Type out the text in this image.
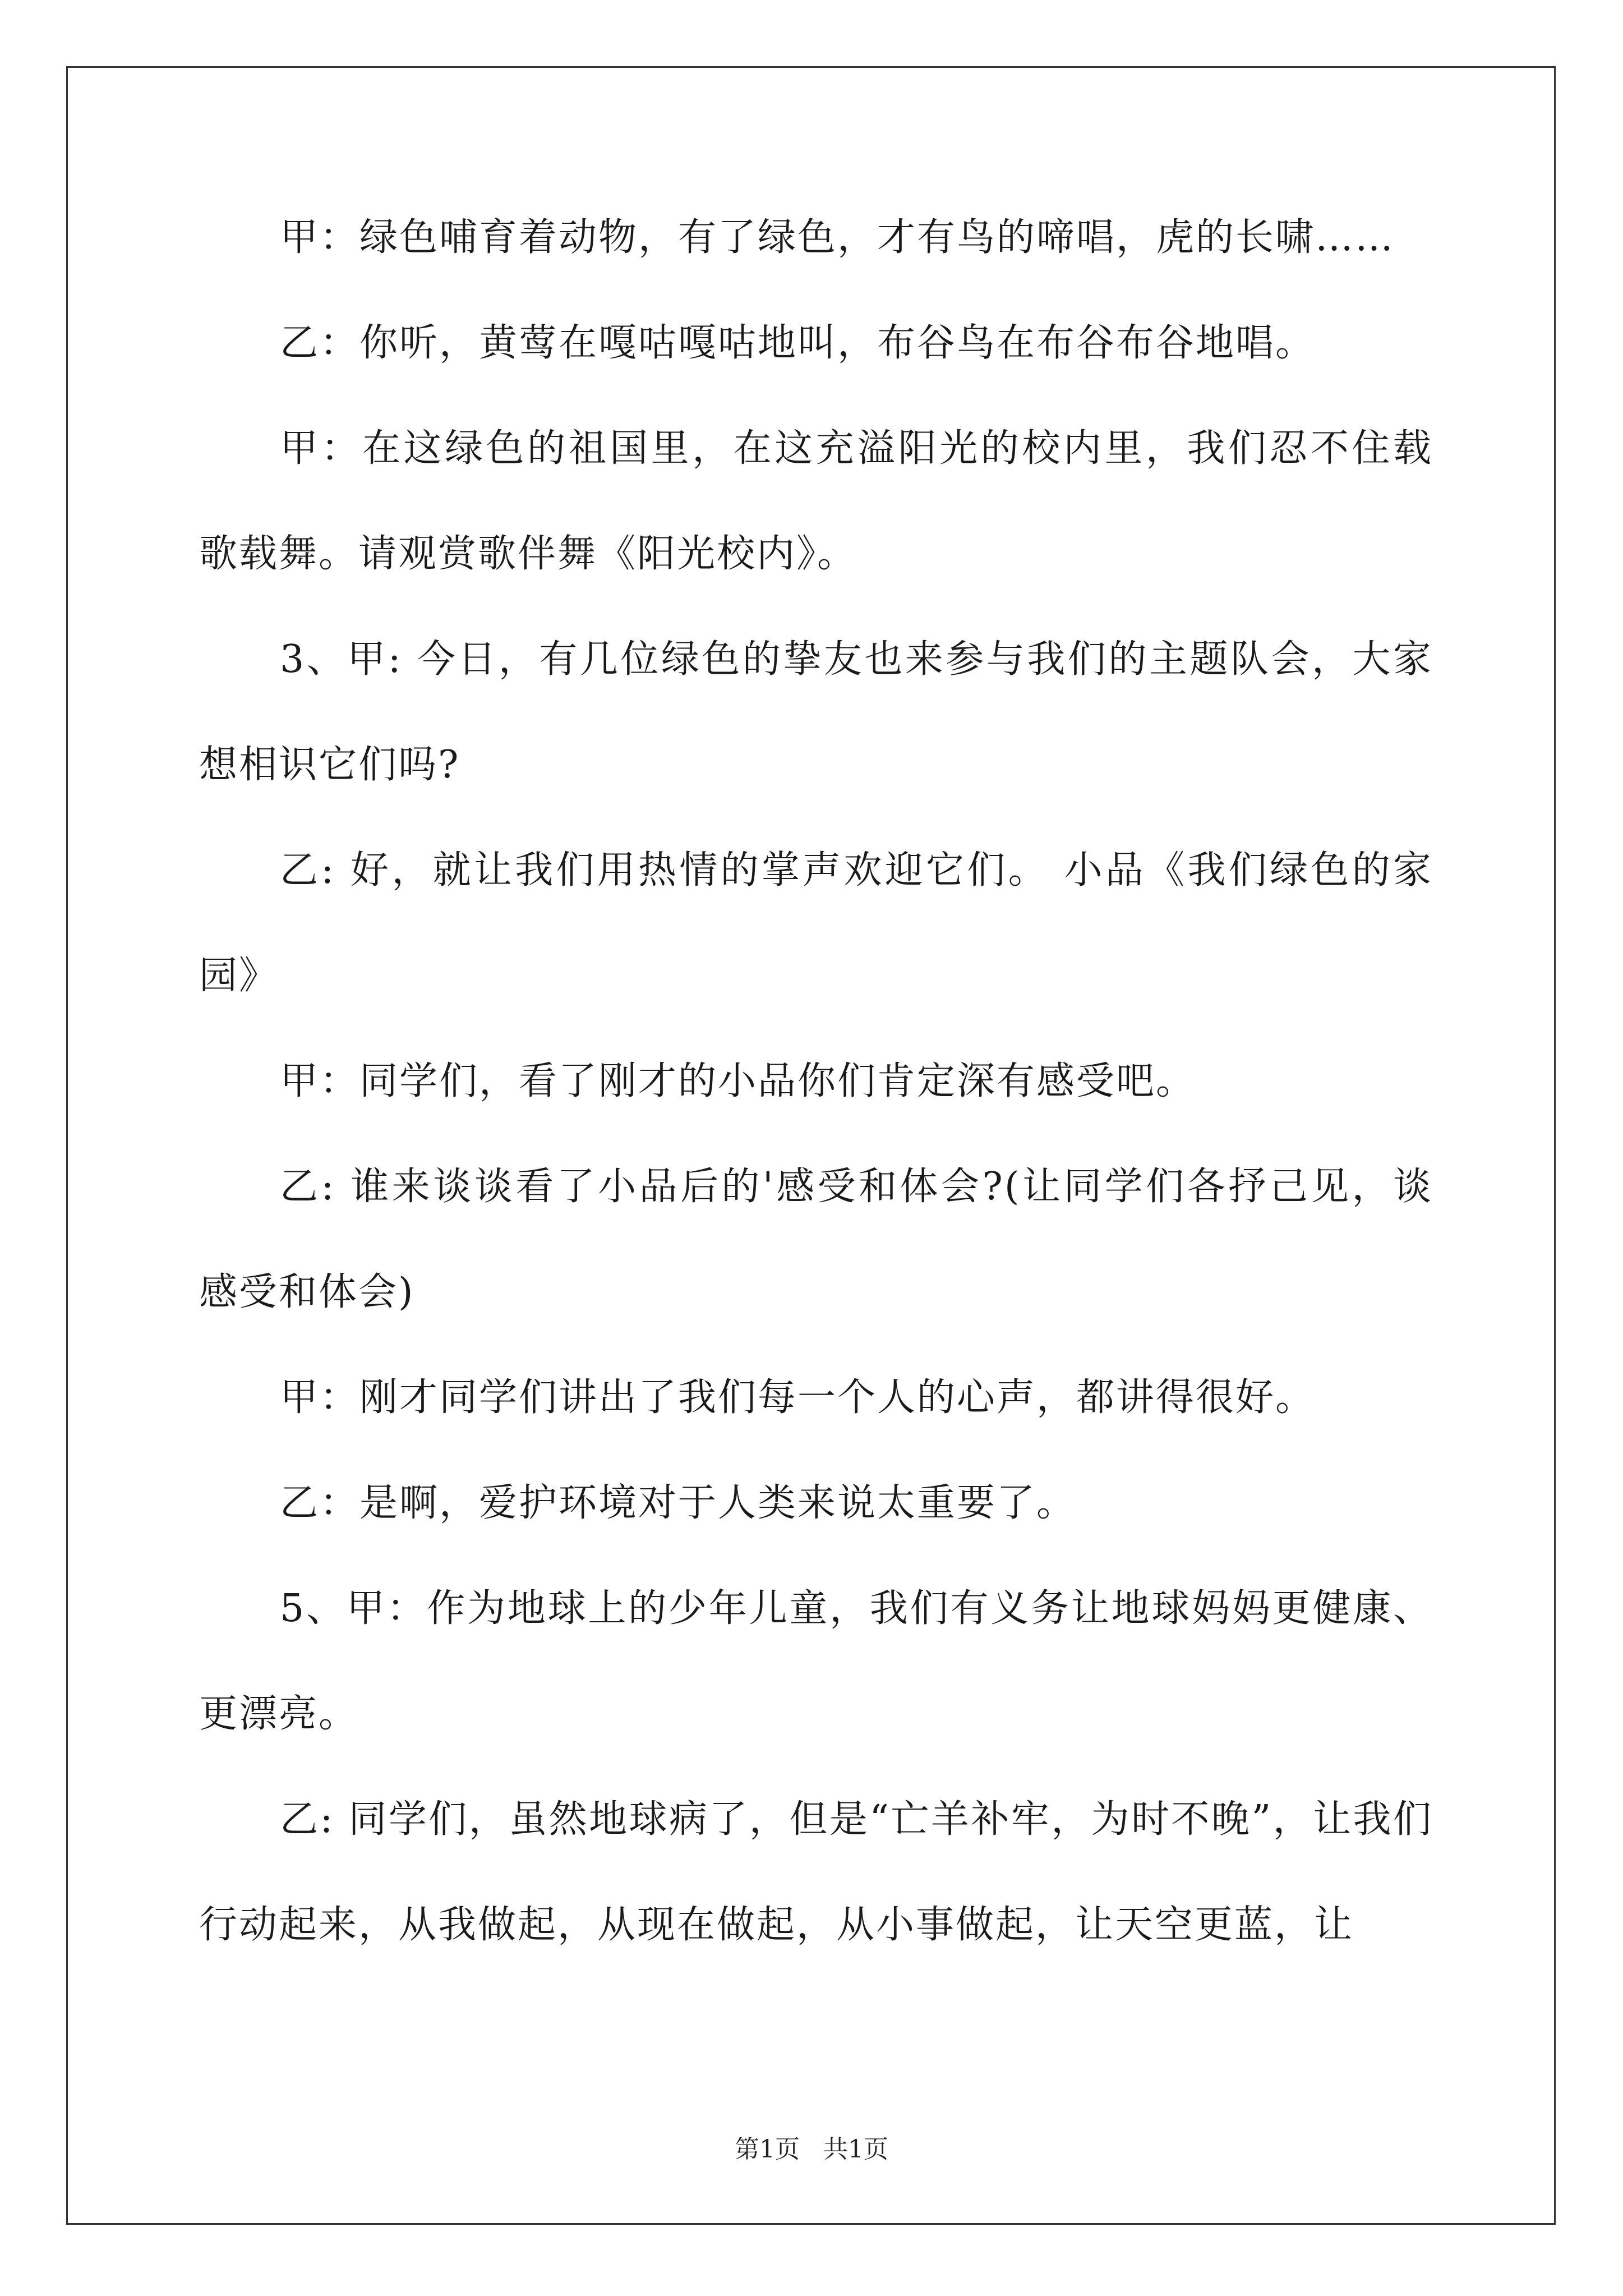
甲：绿色哺育着动物，有了绿色，才有鸟的啼唱，虎的长啸……

乙：你听，黄莺在嘎咕嘎咕地叫，布谷鸟在布谷布谷地唱。

甲：在这绿色的祖国里，在这充溢阳光的校内里，我们忍不住载歌载舞。请观赏歌伴舞《阳光校内》。

3、甲: 今日，有几位绿色的挚友也来参与我们的主题队会，大家想相识它们吗?

乙: 好，就让我们用热情的掌声欢迎它们。 小品《我们绿色的家园》

甲：同学们，看了刚才的小品你们肯定深有感受吧。

乙: 谁来谈谈看了小品后的'感受和体会?(让同学们各抒己见，谈感受和体会)

甲：刚才同学们讲出了我们每一个人的心声，都讲得很好。

乙：是啊，爱护环境对于人类来说太重要了。

5、甲：作为地球上的少年儿童，我们有义务让地球妈妈更健康、更漂亮。

乙: 同学们，虽然地球病了，但是“亡羊补牢，为时不晚”，让我们行动起来，从我做起，从现在做起，从小事做起，让天空更蓝，让

第1页   共1页
